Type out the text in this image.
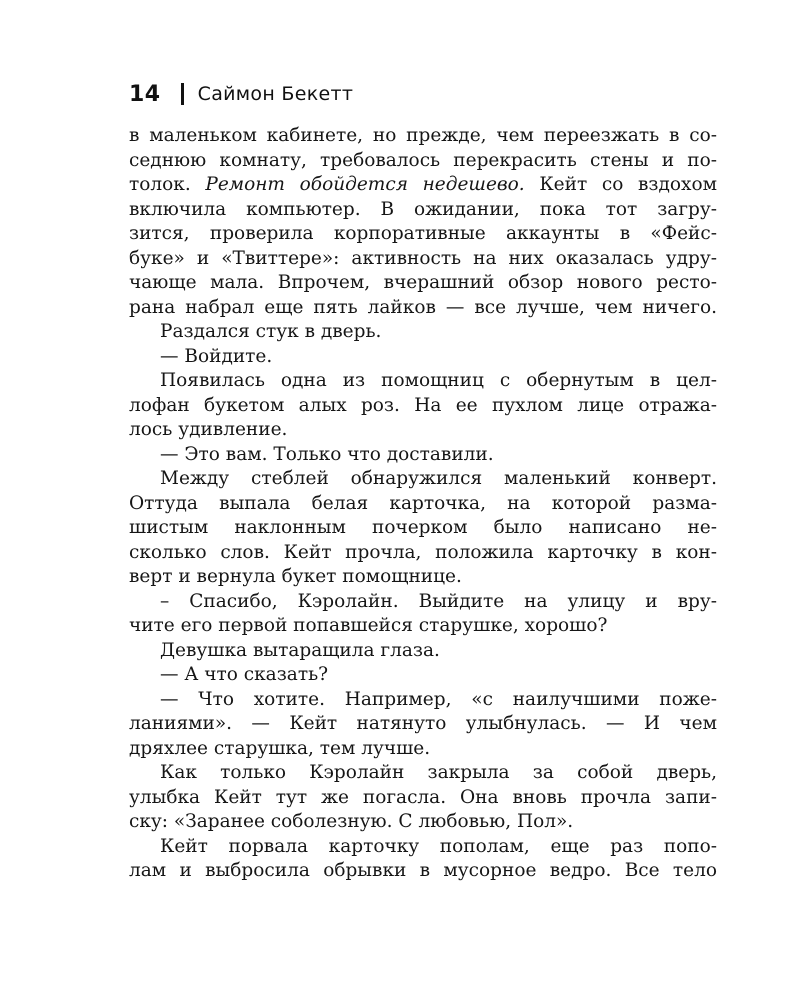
14 Саймон Бекетт
в маленьком кабинете, но прежде, чем переезжать в со-
седнюю комнату, требовалось перекрасить стены и по-
толок. Ремонт обойдется недешево. Кейт со вздохом
включила компьютер. В ожидании, пока тот загру-
зится, проверила корпоративные аккаунты в «Фейс-
буке» и «Твиттере»: активность на них оказалась удру-
чающе мала. Впрочем, вчерашний обзор нового ресто-
рана набрал еще пять лайков — все лучше, чем ничего.
Раздался стук в дверь.
— Войдите.
Появилась одна из помощниц с обернутым в цел-
лофан букетом алых роз. На ее пухлом лице отража-
лось удивление.
— Это вам. Только что доставили.
Между стеблей обнаружился маленький конверт.
Оттуда выпала белая карточка, на которой разма-
шистым наклонным почерком было написано не-
сколько слов. Кейт прочла, положила карточку в кон-
верт и вернула букет помощнице.
– Спасибо, Кэролайн. Выйдите на улицу и вру-
чите его первой попавшейся старушке, хорошо?
Девушка вытаращила глаза.
— А что сказать?
— Что хотите. Например, «с наилучшими поже-
ланиями». — Кейт натянуто улыбнулась. — И чем
дряхлее старушка, тем лучше.
Как только Кэролайн закрыла за собой дверь,
улыбка Кейт тут же погасла. Она вновь прочла запи-
ску: «Заранее соболезную. С любовью, Пол».
Кейт порвала карточку пополам, еще раз попо-
лам и выбросила обрывки в мусорное ведро. Все тело
